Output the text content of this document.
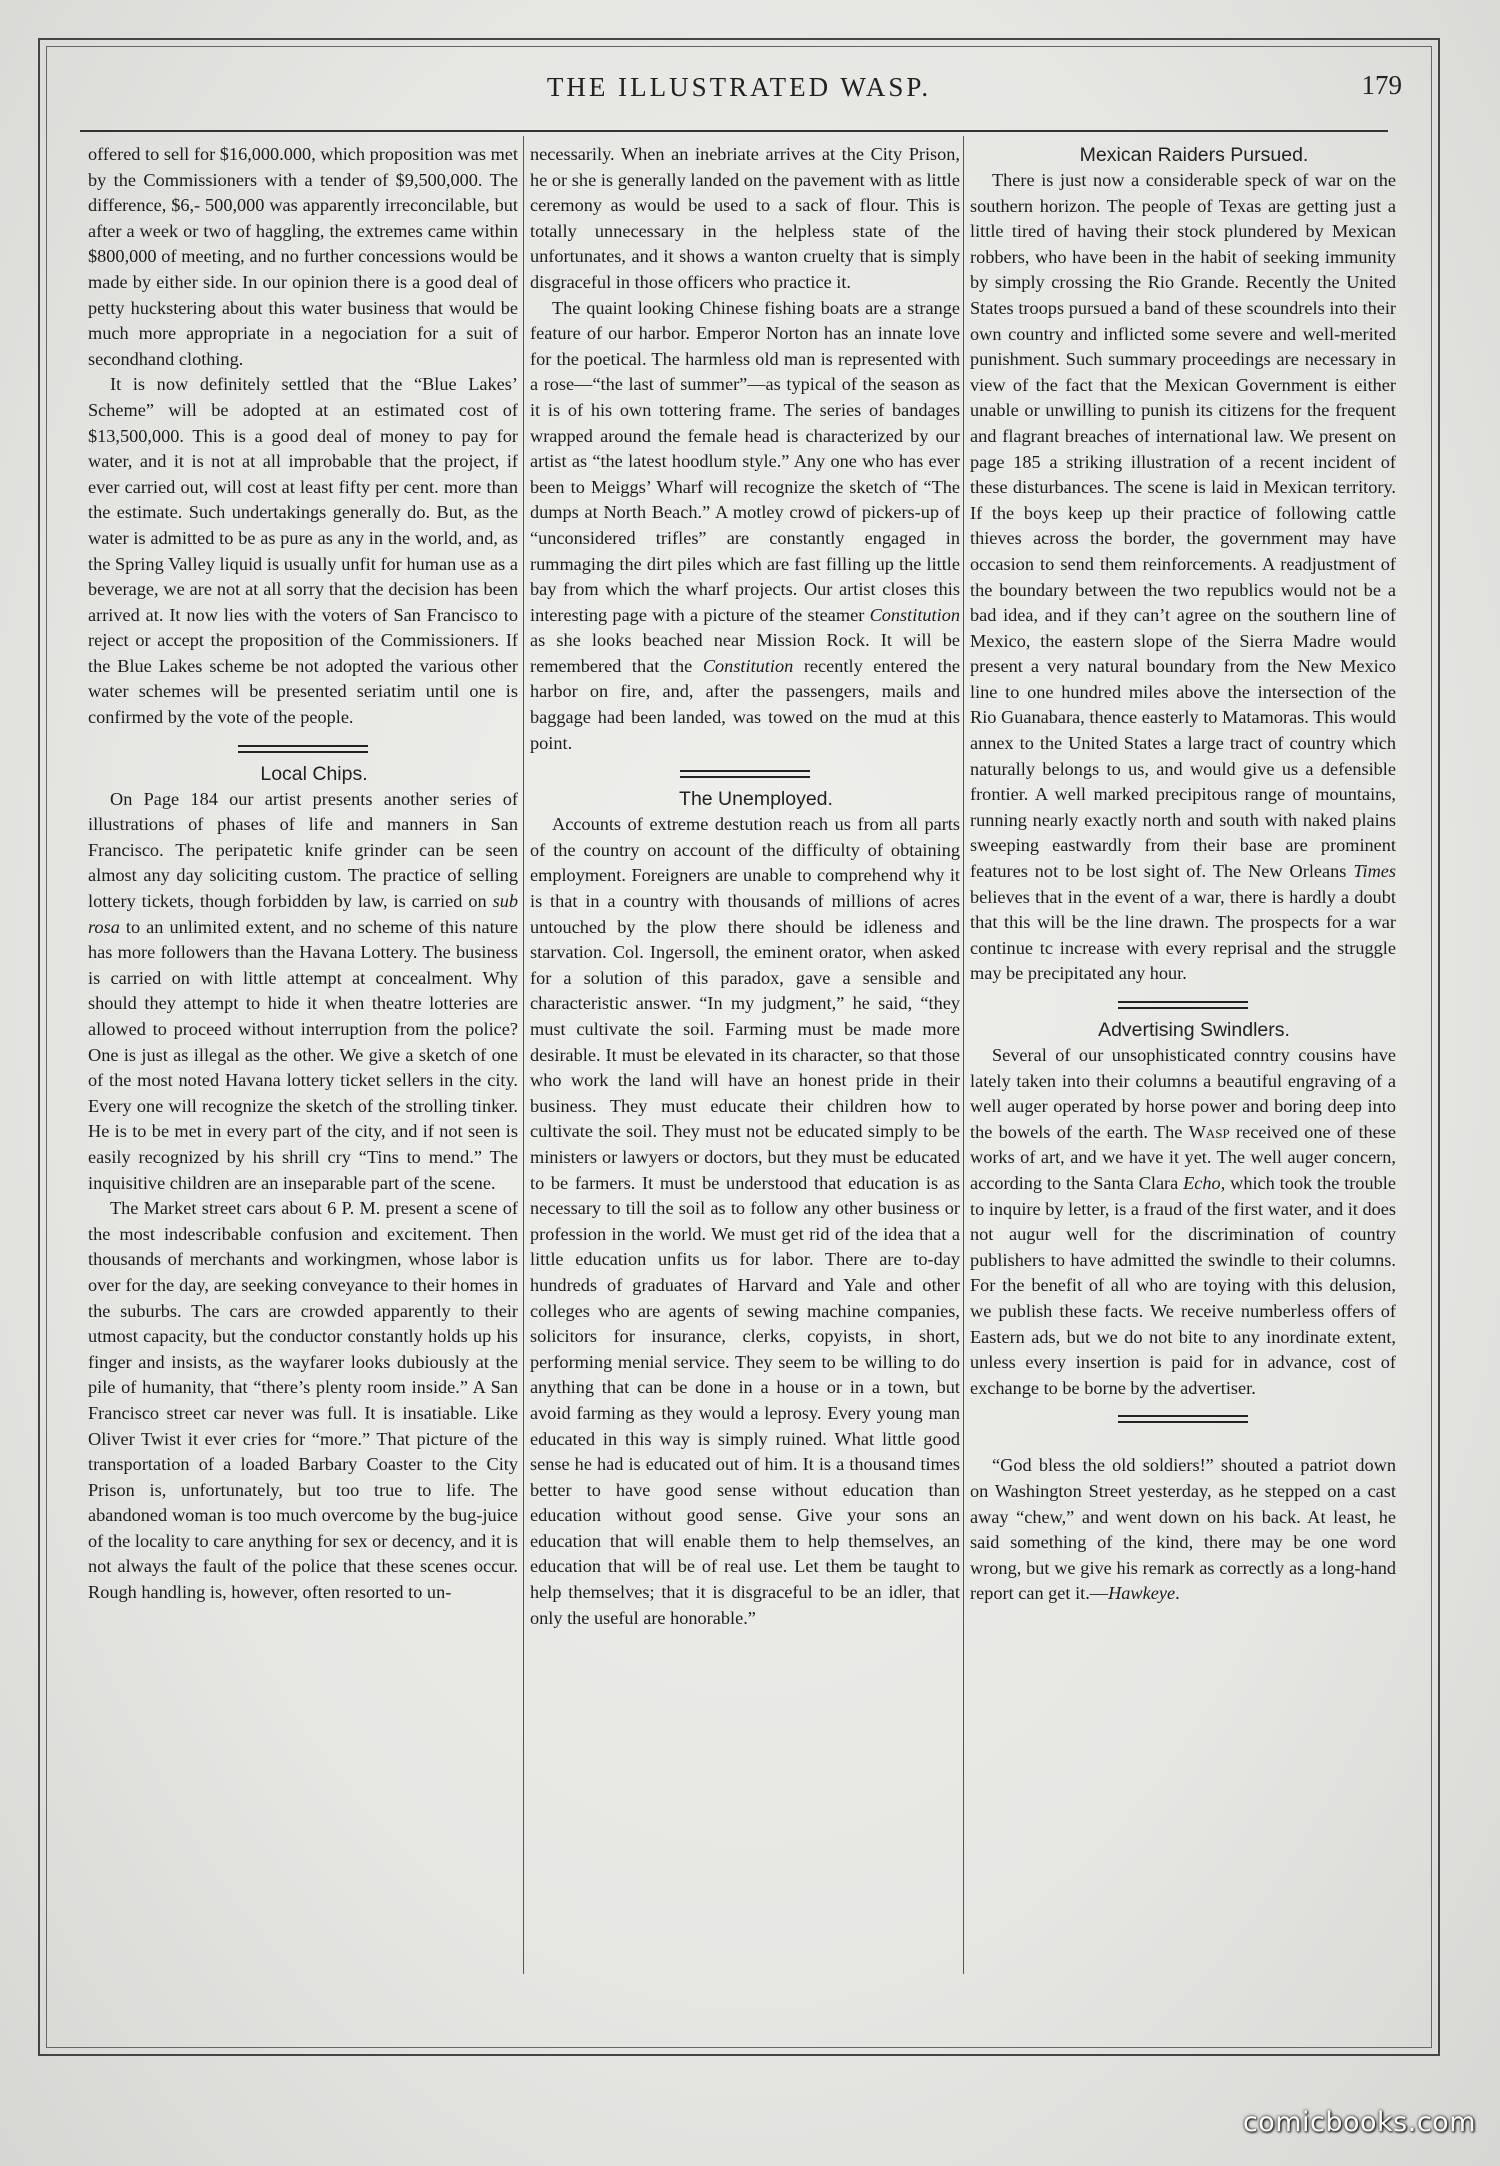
THE ILLUSTRATED WASP.	179

offered to sell for $16,000.000, which proposition was met by the Commissioners with a tender of $9,500,000. The difference, $6,- 500,000 was apparently irreconcilable, but after a week or two of haggling, the extremes came within $800,000 of meeting, and no further concessions would be made by either side. In our opinion there is a good deal of petty huckstering about this water business that would be much more appropriate in a negociation for a suit of secondhand clothing.

It is now definitely settled that the “Blue Lakes’ Scheme” will be adopted at an estimated cost of $13,500,000. This is a good deal of money to pay for water, and it is not at all improbable that the project, if ever carried out, will cost at least fifty per cent. more than the estimate. Such undertakings generally do. But, as the water is admitted to be as pure as any in the world, and, as the Spring Valley liquid is usually unfit for human use as a beverage, we are not at all sorry that the decision has been arrived at. It now lies with the voters of San Francisco to reject or accept the proposition of the Commissioners. If the Blue Lakes scheme be not adopted the various other water schemes will be presented seriatim until one is confirmed by the vote of the people.

Local Chips.

On Page 184 our artist presents another series of illustrations of phases of life and manners in San Francisco. The peripatetic knife grinder can be seen almost any day soliciting custom. The practice of selling lottery tickets, though forbidden by law, is carried on sub rosa to an unlimited extent, and no scheme of this nature has more followers than the Havana Lottery. The business is carried on with little attempt at concealment. Why should they attempt to hide it when theatre lotteries are allowed to proceed without interruption from the police? One is just as illegal as the other. We give a sketch of one of the most noted Havana lottery ticket sellers in the city. Every one will recognize the sketch of the strolling tinker. He is to be met in every part of the city, and if not seen is easily recognized by his shrill cry “Tins to mend.” The inquisitive children are an inseparable part of the scene.

The Market street cars about 6 P. M. present a scene of the most indescribable confusion and excitement. Then thousands of merchants and workingmen, whose labor is over for the day, are seeking conveyance to their homes in the suburbs. The cars are crowded apparently to their utmost capacity, but the conductor constantly holds up his finger and insists, as the wayfarer looks dubiously at the pile of humanity, that “there’s plenty room inside.” A San Francisco street car never was full. It is insatiable. Like Oliver Twist it ever cries for “more.” That picture of the transportation of a loaded Barbary Coaster to the City Prison is, unfortunately, but too true to life. The abandoned woman is too much overcome by the bug-juice of the locality to care anything for sex or decency, and it is not always the fault of the police that these scenes occur. Rough handling is, however, often resorted to un-

necessarily. When an inebriate arrives at the City Prison, he or she is generally landed on the pavement with as little ceremony as would be used to a sack of flour. This is totally unnecessary in the helpless state of the unfortunates, and it shows a wanton cruelty that is simply disgraceful in those officers who practice it.

The quaint looking Chinese fishing boats are a strange feature of our harbor. Emperor Norton has an innate love for the poetical. The harmless old man is represented with a rose—“the last of summer”—as typical of the season as it is of his own tottering frame. The series of bandages wrapped around the female head is characterized by our artist as “the latest hoodlum style.” Any one who has ever been to Meiggs’ Wharf will recognize the sketch of “The dumps at North Beach.” A motley crowd of pickers-up of “unconsidered trifles” are constantly engaged in rummaging the dirt piles which are fast filling up the little bay from which the wharf projects. Our artist closes this interesting page with a picture of the steamer Constitution as she looks beached near Mission Rock. It will be remembered that the Constitution recently entered the harbor on fire, and, after the passengers, mails and baggage had been landed, was towed on the mud at this point.

The Unemployed.

Accounts of extreme destution reach us from all parts of the country on account of the difficulty of obtaining employment. Foreigners are unable to comprehend why it is that in a country with thousands of millions of acres untouched by the plow there should be idleness and starvation. Col. Ingersoll, the eminent orator, when asked for a solution of this paradox, gave a sensible and characteristic answer. “In my judgment,” he said, “they must cultivate the soil. Farming must be made more desirable. It must be elevated in its character, so that those who work the land will have an honest pride in their business. They must educate their children how to cultivate the soil. They must not be educated simply to be ministers or lawyers or doctors, but they must be educated to be farmers. It must be understood that education is as necessary to till the soil as to follow any other business or profession in the world. We must get rid of the idea that a little education unfits us for labor. There are to-day hundreds of graduates of Harvard and Yale and other colleges who are agents of sewing machine companies, solicitors for insurance, clerks, copyists, in short, performing menial service. They seem to be willing to do anything that can be done in a house or in a town, but avoid farming as they would a leprosy. Every young man educated in this way is simply ruined. What little good sense he had is educated out of him. It is a thousand times better to have good sense without education than education without good sense. Give your sons an education that will enable them to help themselves, an education that will be of real use. Let them be taught to help themselves; that it is disgraceful to be an idler, that only the useful are honorable.”

Mexican Raiders Pursued.

There is just now a considerable speck of war on the southern horizon. The people of Texas are getting just a little tired of having their stock plundered by Mexican robbers, who have been in the habit of seeking immunity by simply crossing the Rio Grande. Recently the United States troops pursued a band of these scoundrels into their own country and inflicted some severe and well-merited punishment. Such summary proceedings are necessary in view of the fact that the Mexican Government is either unable or unwilling to punish its citizens for the frequent and flagrant breaches of international law. We present on page 185 a striking illustration of a recent incident of these disturbances. The scene is laid in Mexican territory. If the boys keep up their practice of following cattle thieves across the border, the government may have occasion to send them reinforcements. A readjustment of the boundary between the two republics would not be a bad idea, and if they can’t agree on the southern line of Mexico, the eastern slope of the Sierra Madre would present a very natural boundary from the New Mexico line to one hundred miles above the intersection of the Rio Guanabara, thence easterly to Matamoras. This would annex to the United States a large tract of country which naturally belongs to us, and would give us a defensible frontier. A well marked precipitous range of mountains, running nearly exactly north and south with naked plains sweeping eastwardly from their base are prominent features not to be lost sight of. The New Orleans Times believes that in the event of a war, there is hardly a doubt that this will be the line drawn. The prospects for a war continue tc increase with every reprisal and the struggle may be precipitated any hour.

Advertising Swindlers.

Several of our unsophisticated conntry cousins have lately taken into their columns a beautiful engraving of a well auger operated by horse power and boring deep into the bowels of the earth. The Wasp received one of these works of art, and we have it yet. The well auger concern, according to the Santa Clara Echo, which took the trouble to inquire by letter, is a fraud of the first water, and it does not augur well for the discrimination of country publishers to have admitted the swindle to their columns. For the benefit of all who are toying with this delusion, we publish these facts. We receive numberless offers of Eastern ads, but we do not bite to any inordinate extent, unless every insertion is paid for in advance, cost of exchange to be borne by the advertiser.

“God bless the old soldiers!” shouted a patriot down on Washington Street yesterday, as he stepped on a cast away “chew,” and went down on his back. At least, he said something of the kind, there may be one word wrong, but we give his remark as correctly as a long-hand report can get it.—Hawkeye.

comicbooks.com
